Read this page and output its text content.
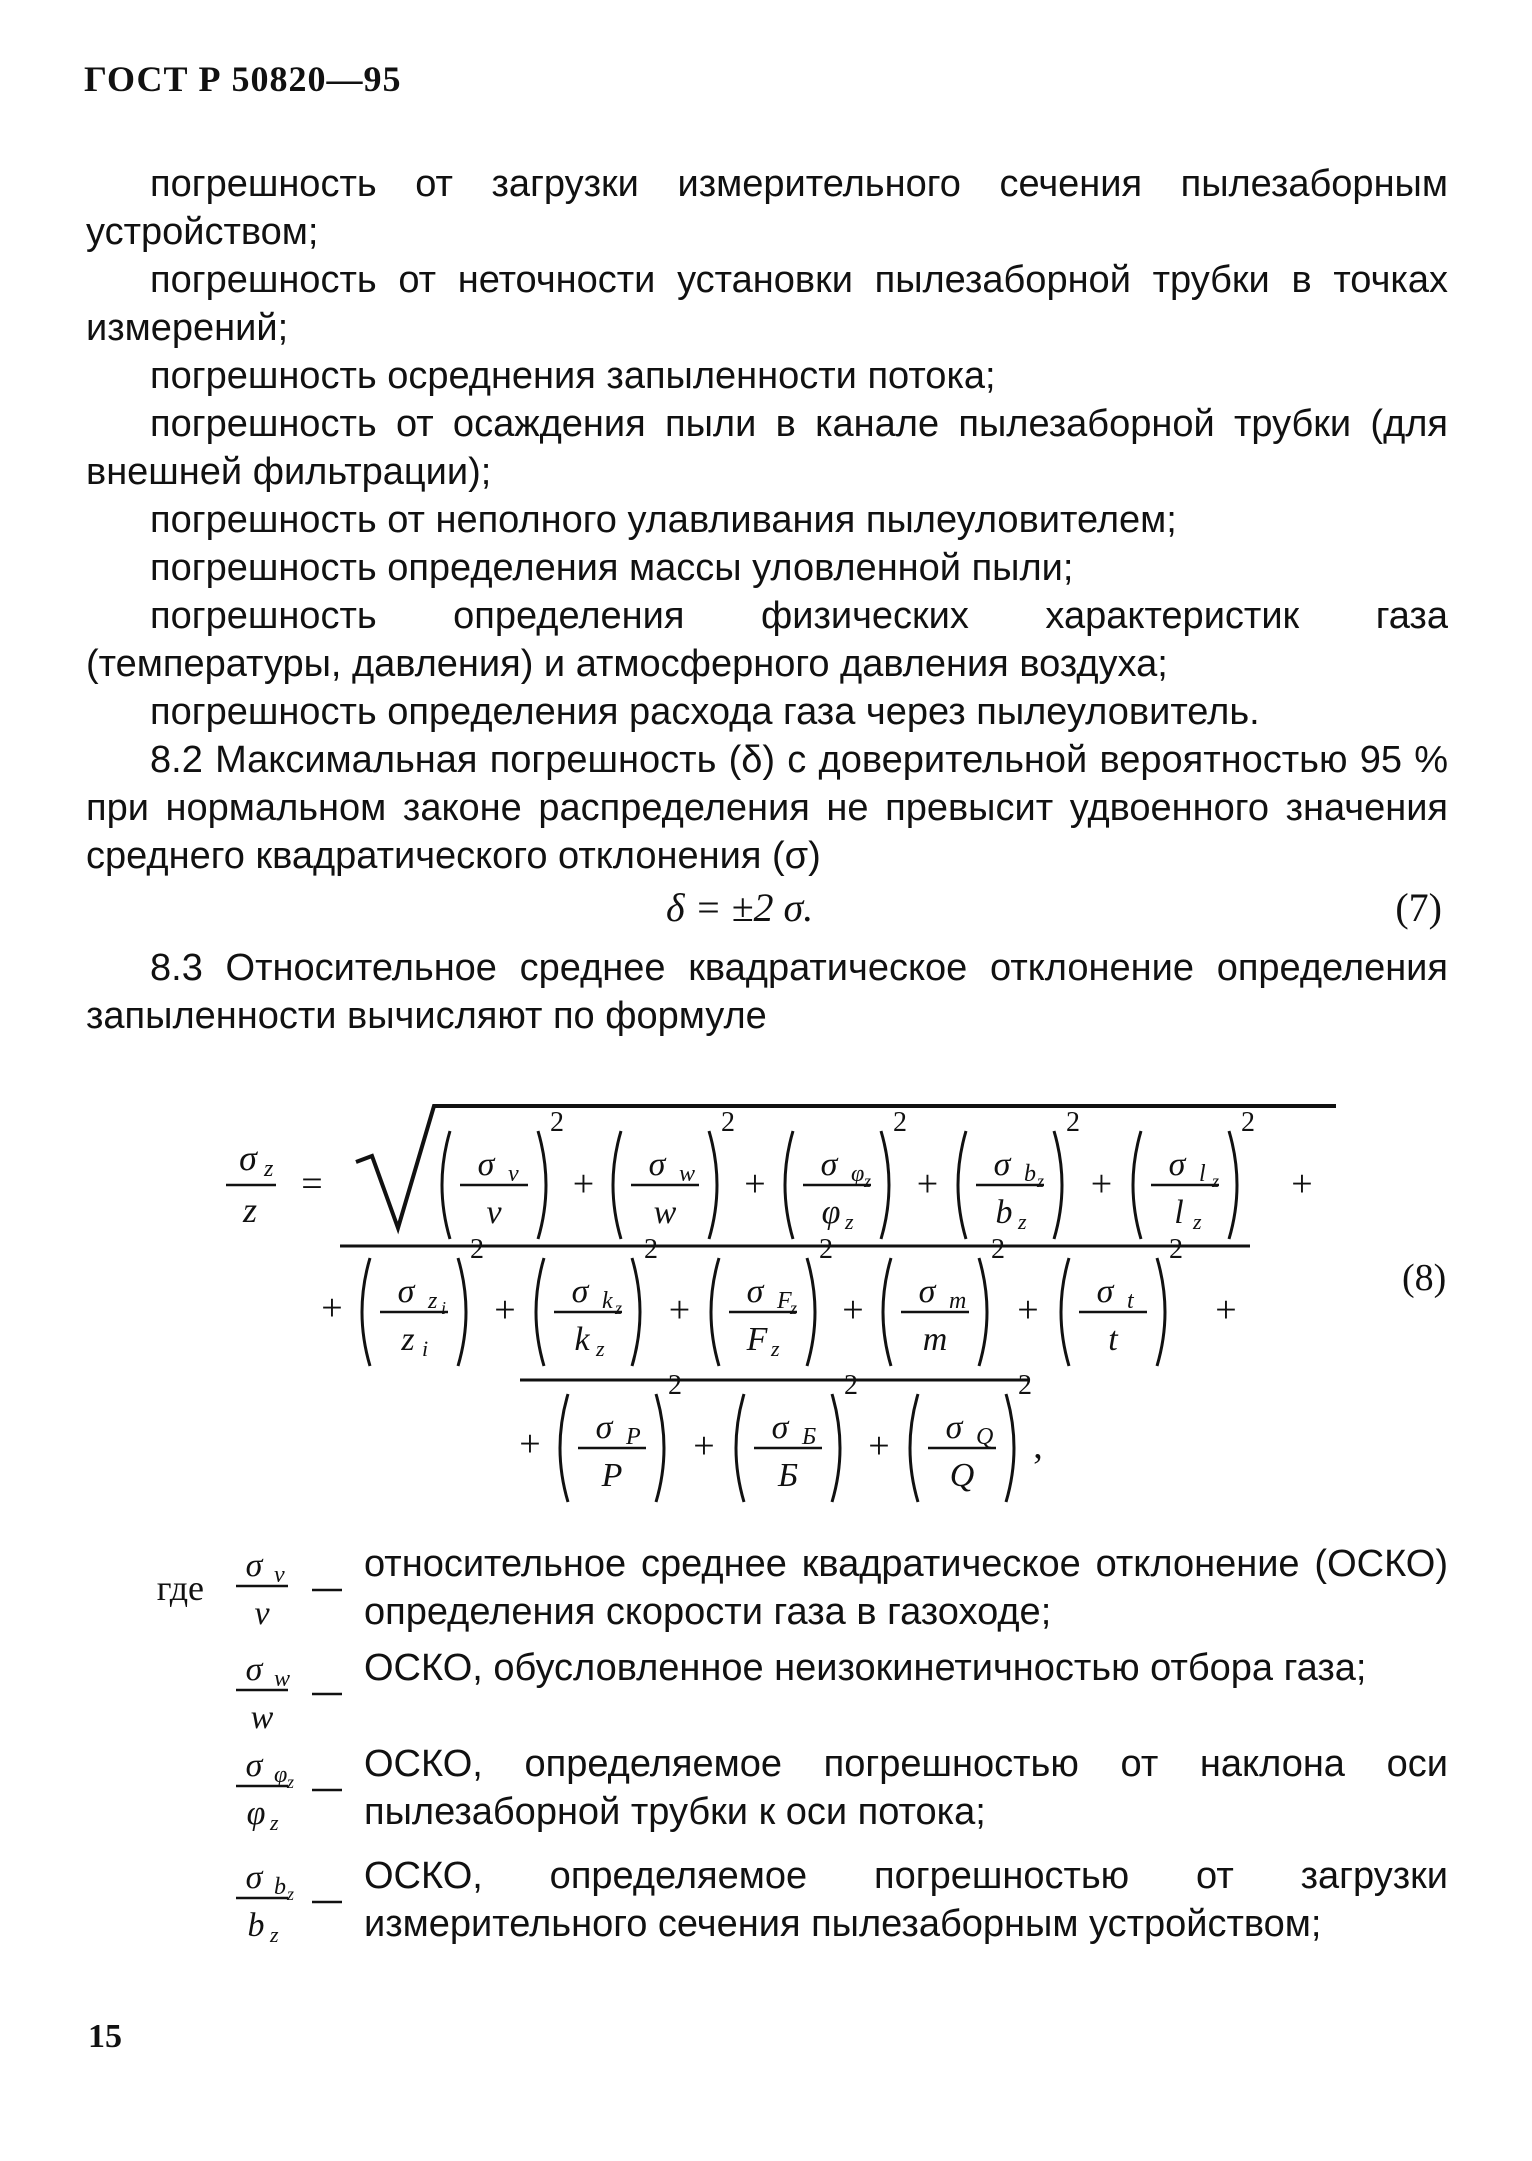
ГОСТ Р 50820—95

погрешность от загрузки измерительного сечения пылезаборным устройством;

погрешность от неточности установки пылезаборной трубки в точках измерений;

погрешность осреднения запыленности потока;

погрешность от осаждения пыли в канале пылезаборной трубки (для внешней фильтрации);

погрешность от неполного улавливания пылеуловителем;

погрешность определения массы уловленной пыли;

погрешность определения физических характеристик газа (температуры, давления) и атмосферного давления воздуха;

погрешность определения расхода газа через пылеуловитель.

8.2 Максимальная погрешность (δ) с доверительной вероятностью 95 % при нормальном законе распределения не превысит удвоенного значения среднего квадратического отклонения (σ)

δ = ±2 σ.	(7)

8.3 Относительное среднее квадратическое отклонение определения запыленности вычисляют по формуле

σ z
z
=	σ v
v
2
+ σ w
w
2
+ σ φ z
φ z
2
+ σ b z
b z
2
+ σ l z
l z
2
+
+ σ z i
z i
2
+ σ k z
k z
2
+ σ F
z
F z
2
+ σ m
m
2
+ σ t
t
2
+
+ σ P
P
2
+ σ Б
Б
2
+ σ Q
Q
2
,
(8)
где
σ v
v
относительное среднее квадратическое отклонение (ОСКО) определения скорости газа в газоходе;
σ w
w
ОСКО, обусловленное неизокинетичностью отбора газа;
σ φ z
φ z
ОСКО, определяемое погрешностью от наклона оси пылезаборной трубки к оси потока;
σ b z
b z
ОСКО, определяемое погрешностью от загрузки измерительного сечения пылезаборным устройством;
15
